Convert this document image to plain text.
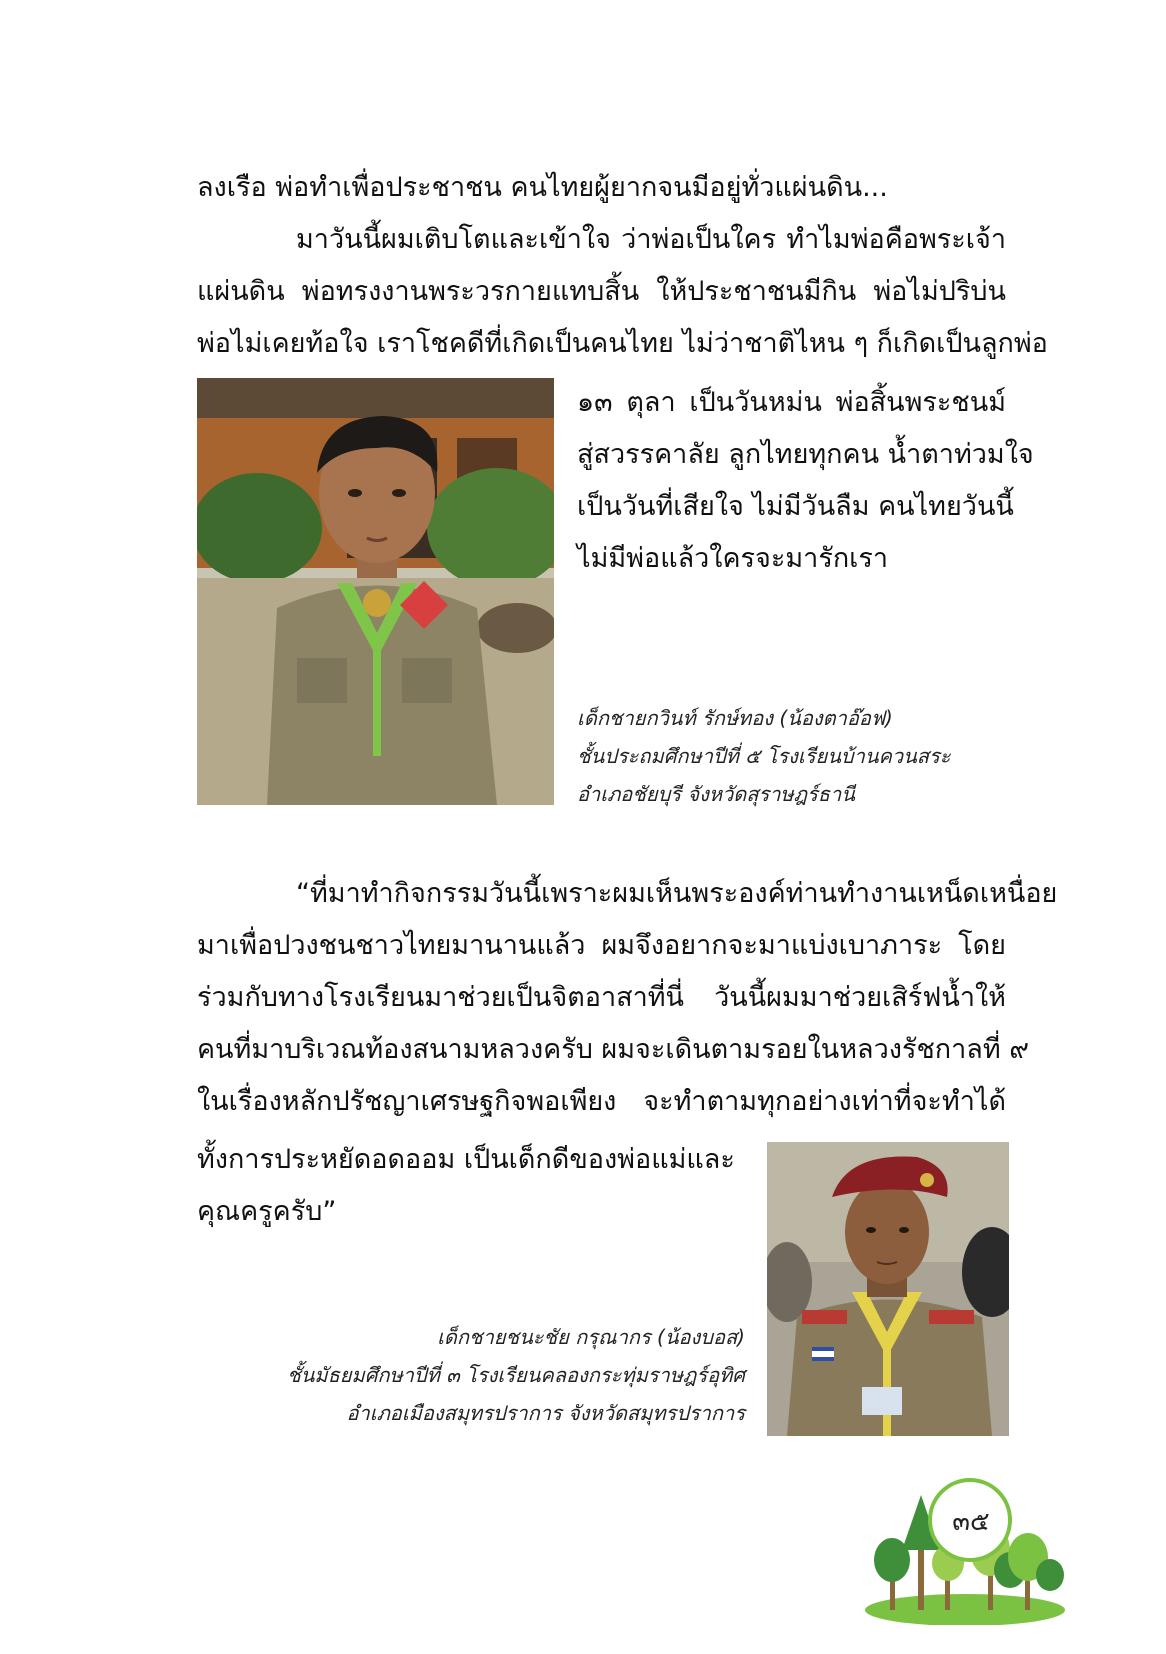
ลงเรือ พ่อทำเพื่อประชาชน คนไทยผู้ยากจนมีอยู่ทั่วแผ่นดิน...
มาวันนี้ผมเติบโตและเข้าใจ ว่าพ่อเป็นใคร ทำไมพ่อคือพระเจ้า
แผ่นดิน พ่อทรงงานพระวรกายแทบสิ้น ให้ประชาชนมีกิน พ่อไม่ปริบ่น
พ่อไม่เคยท้อใจ เราโชคดีที่เกิดเป็นคนไทย ไม่ว่าชาติไหน ๆ ก็เกิดเป็นลูกพ่อ
๑๓ ตุลา เป็นวันหม่น พ่อสิ้นพระชนม์
สู่สวรรคาลัย ลูกไทยทุกคน น้ำตาท่วมใจ
เป็นวันที่เสียใจ ไม่มีวันลืม คนไทยวันนี้
ไม่มีพ่อแล้วใครจะมารักเรา
เด็กชายกวินท์ รักษ์ทอง (น้องตาอ๊อฟ)
ชั้นประถมศึกษาปีที่ ๕ โรงเรียนบ้านควนสระ
อำเภอชัยบุรี จังหวัดสุราษฎร์ธานี
“ที่มาทำกิจกรรมวันนี้เพราะผมเห็นพระองค์ท่านทำงานเหน็ดเหนื่อย
มาเพื่อปวงชนชาวไทยมานานแล้ว ผมจึงอยากจะมาแบ่งเบาภาระ โดย
ร่วมกับทางโรงเรียนมาช่วยเป็นจิตอาสาที่นี่ วันนี้ผมมาช่วยเสิร์ฟน้ำให้
คนที่มาบริเวณท้องสนามหลวงครับ ผมจะเดินตามรอยในหลวงรัชกาลที่ ๙
ในเรื่องหลักปรัชญาเศรษฐกิจพอเพียง จะทำตามทุกอย่างเท่าที่จะทำได้
ทั้งการประหยัดอดออม เป็นเด็กดีของพ่อแม่และ
คุณครูครับ”
เด็กชายชนะชัย กรุณากร (น้องบอส)
ชั้นมัธยมศึกษาปีที่ ๓ โรงเรียนคลองกระทุ่มราษฎร์อุทิศ
อำเภอเมืองสมุทรปราการ จังหวัดสมุทรปราการ
๓๕
